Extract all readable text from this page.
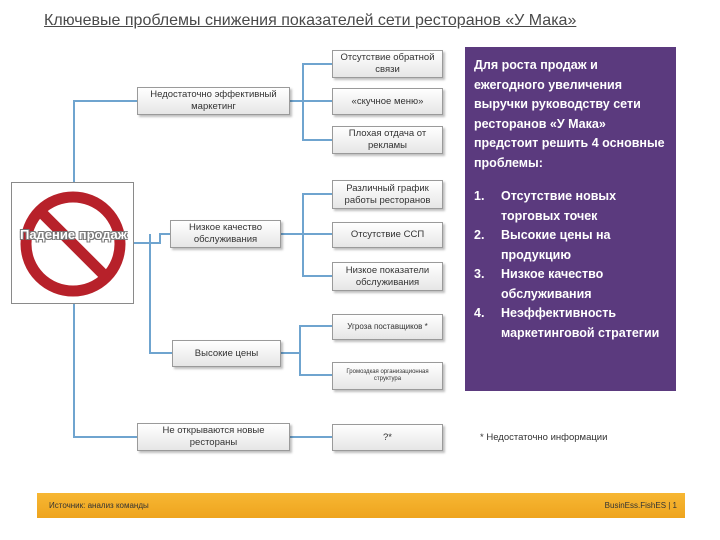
Ключевые проблемы снижения показателей сети ресторанов «У Мака»
Падение продаж
Недостаточно эффективный маркетинг
Низкое качество обслуживания
Высокие цены
Не открываются новые рестораны
Отсутствие обратной связи
«скучное меню»
Плохая отдача от рекламы
Различный график работы ресторанов
Отсутствие ССП
Низкое показатели обслуживания
Угроза поставщиков *
Громоздкая организационная структура
?*
Для роста продаж и ежегодного увеличения выручки руководству сети ресторанов «У Мака» предстоит решить 4 основные проблемы:
1. Отсутствие новых торговых точек
2. Высокие цены на продукцию
3. Низкое качество обслуживания
4. Неэффективность маркетинговой стратегии
* Недостаточно информации
Источник: анализ команды	BusinEss.FishES | 1
